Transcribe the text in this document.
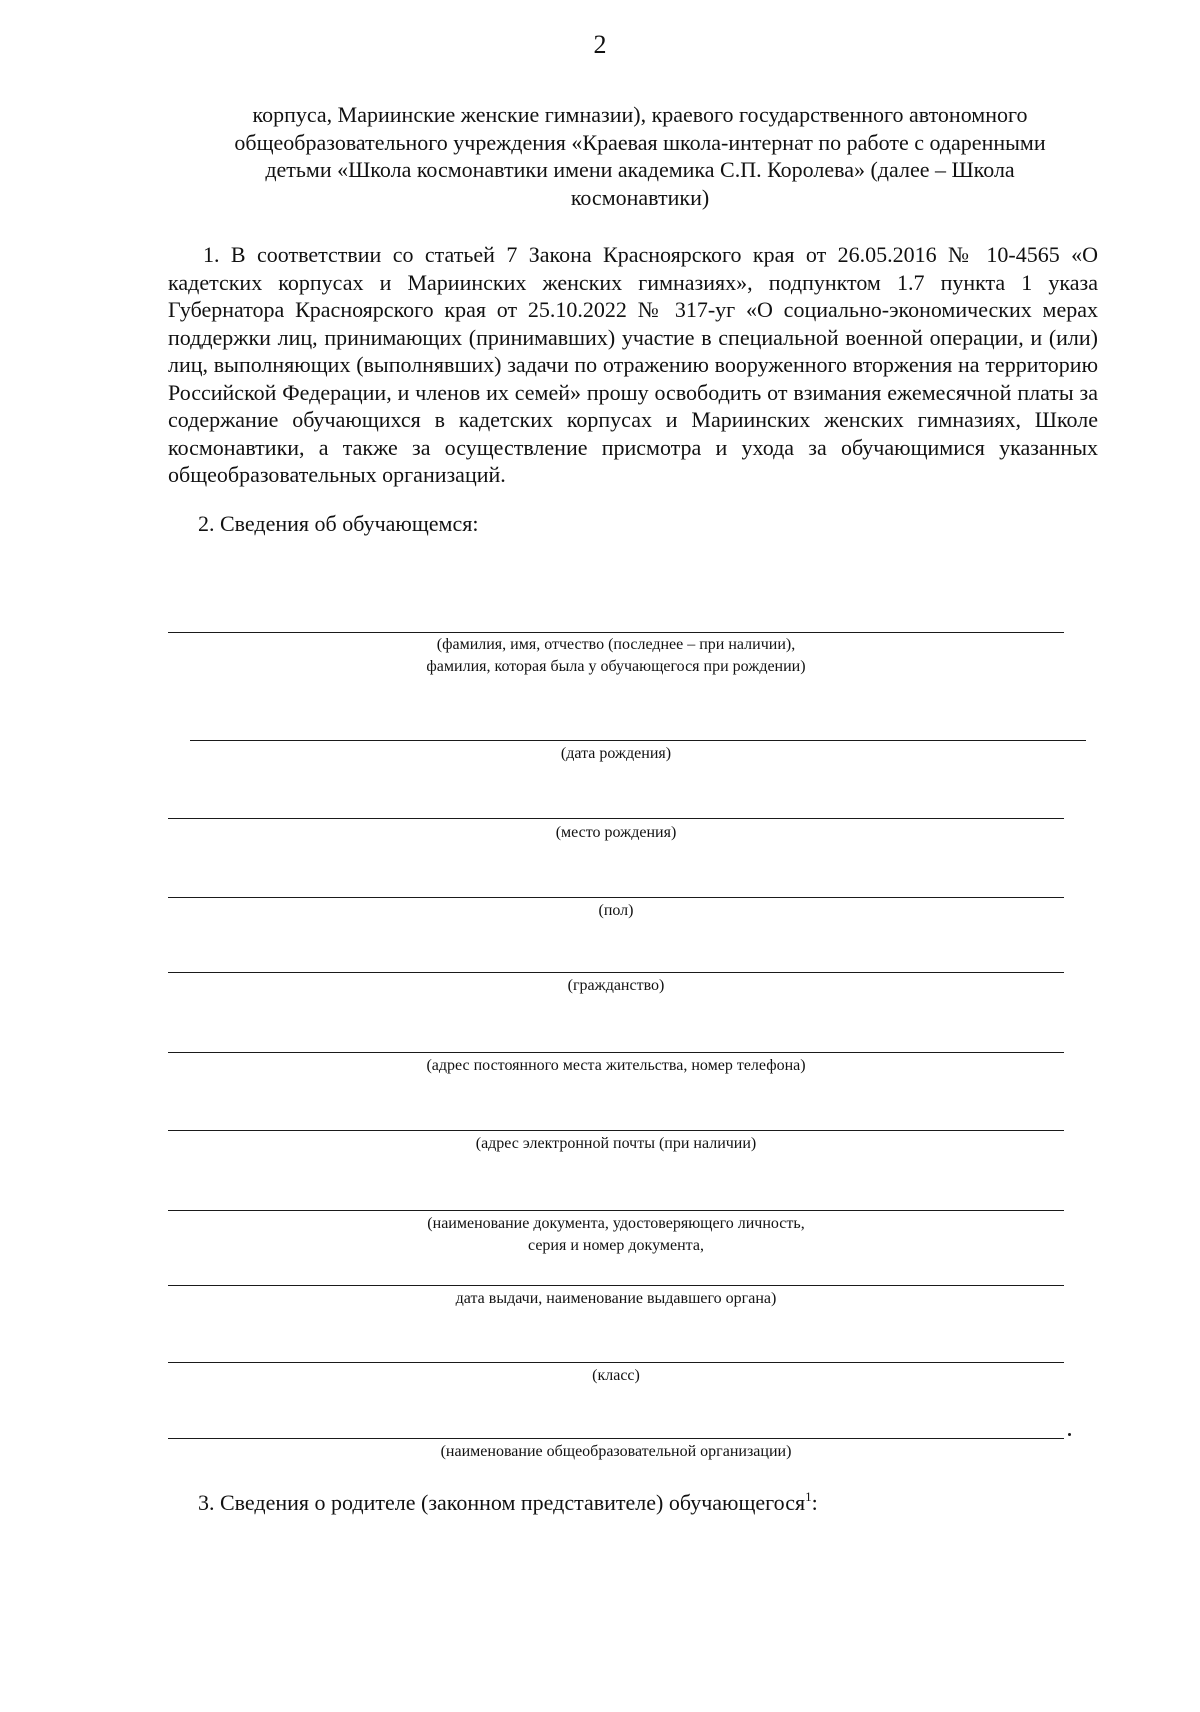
2
корпуса, Мариинские женские гимназии), краевого государственного автономного
общеобразовательного учреждения «Краевая школа-интернат по работе с одаренными
детьми «Школа космонавтики имени академика С.П. Королева» (далее – Школа
космонавтики)
1. В соответствии со статьей 7 Закона Красноярского края от 26.05.2016 № 10-4565 «О кадетских корпусах и Мариинских женских гимназиях», подпунктом 1.7 пункта 1 указа Губернатора Красноярского края от 25.10.2022 № 317-уг «О социально-экономических мерах поддержки лиц, принимающих (принимавших) участие в специальной военной операции, и (или) лиц, выполняющих (выполнявших) задачи по отражению вооруженного вторжения на территорию Российской Федерации, и членов их семей» прошу освободить от взимания ежемесячной платы за содержание обучающихся в кадетских корпусах и Мариинских женских гимназиях, Школе космонавтики, а также за осуществление присмотра и ухода за обучающимися указанных общеобразовательных организаций.
2. Сведения об обучающемся:
(фамилия, имя, отчество (последнее – при наличии),
фамилия, которая была у обучающегося при рождении)
(дата рождения)
(место рождения)
(пол)
(гражданство)
(адрес постоянного места жительства, номер телефона)
(адрес электронной почты (при наличии)
(наименование документа, удостоверяющего личность,
серия и номер документа,
дата выдачи, наименование выдавшего органа)
(класс)
(наименование общеобразовательной организации)
3. Сведения о родителе (законном представителе) обучающегося$^1$:
